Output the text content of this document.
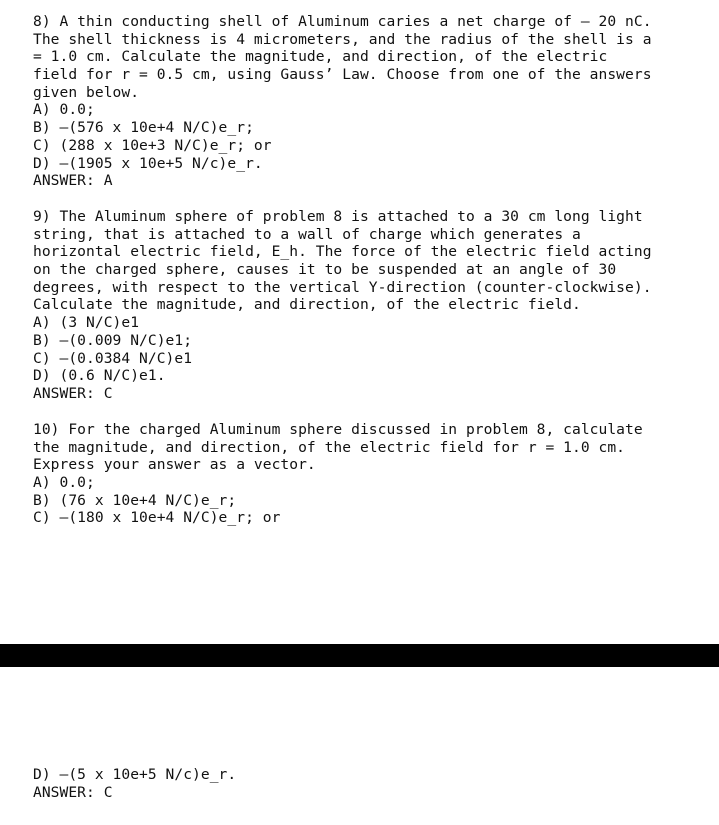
8) A thin conducting shell of Aluminum caries a net charge of – 20 nC.
The shell thickness is 4 micrometers, and the radius of the shell is a
= 1.0 cm. Calculate the magnitude, and direction, of the electric
field for r = 0.5 cm, using Gauss’ Law. Choose from one of the answers
given below.
A) 0.0;
B) –(576 x 10e+4 N/C)e_r;
C) (288 x 10e+3 N/C)e_r; or
D) –(1905 x 10e+5 N/c)e_r.
ANSWER: A
9) The Aluminum sphere of problem 8 is attached to a 30 cm long light
string, that is attached to a wall of charge which generates a
horizontal electric field, E_h. The force of the electric field acting
on the charged sphere, causes it to be suspended at an angle of 30
degrees, with respect to the vertical Y-direction (counter-clockwise).
Calculate the magnitude, and direction, of the electric field.
A) (3 N/C)e1
B) –(0.009 N/C)e1;
C) –(0.0384 N/C)e1
D) (0.6 N/C)e1.
ANSWER: C
10) For the charged Aluminum sphere discussed in problem 8, calculate
the magnitude, and direction, of the electric field for r = 1.0 cm.
Express your answer as a vector.
A) 0.0;
B) (76 x 10e+4 N/C)e_r;
C) –(180 x 10e+4 N/C)e_r; or
D) –(5 x 10e+5 N/c)e_r.
ANSWER: C
